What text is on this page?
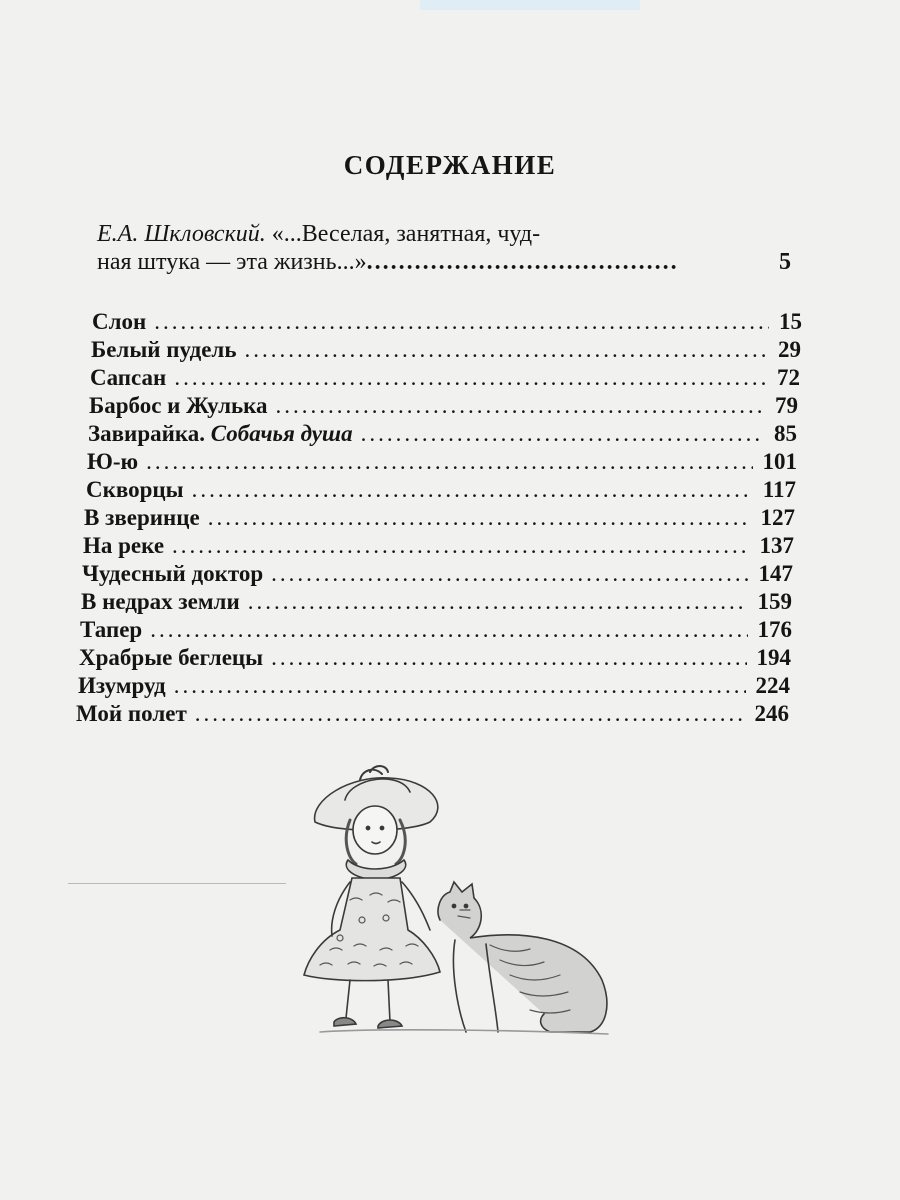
СОДЕРЖАНИЕ
Е.А. Шкловский. «...Веселая, занятная, чуд-
ная штука — эта жизнь...» .....	5
Слон .....	15
Белый пудель .....	29
Сапсан .....	72
Барбос и Жулька .....	79
Завирайка. Собачья душа .....	85
Ю-ю .....	101
Скворцы .....	117
В зверинце .....	127
На реке .....	137
Чудесный доктор .....	147
В недрах земли .....	159
Тапер .....	176
Храбрые беглецы .....	194
Изумруд .....	224
Мой полет .....	246
